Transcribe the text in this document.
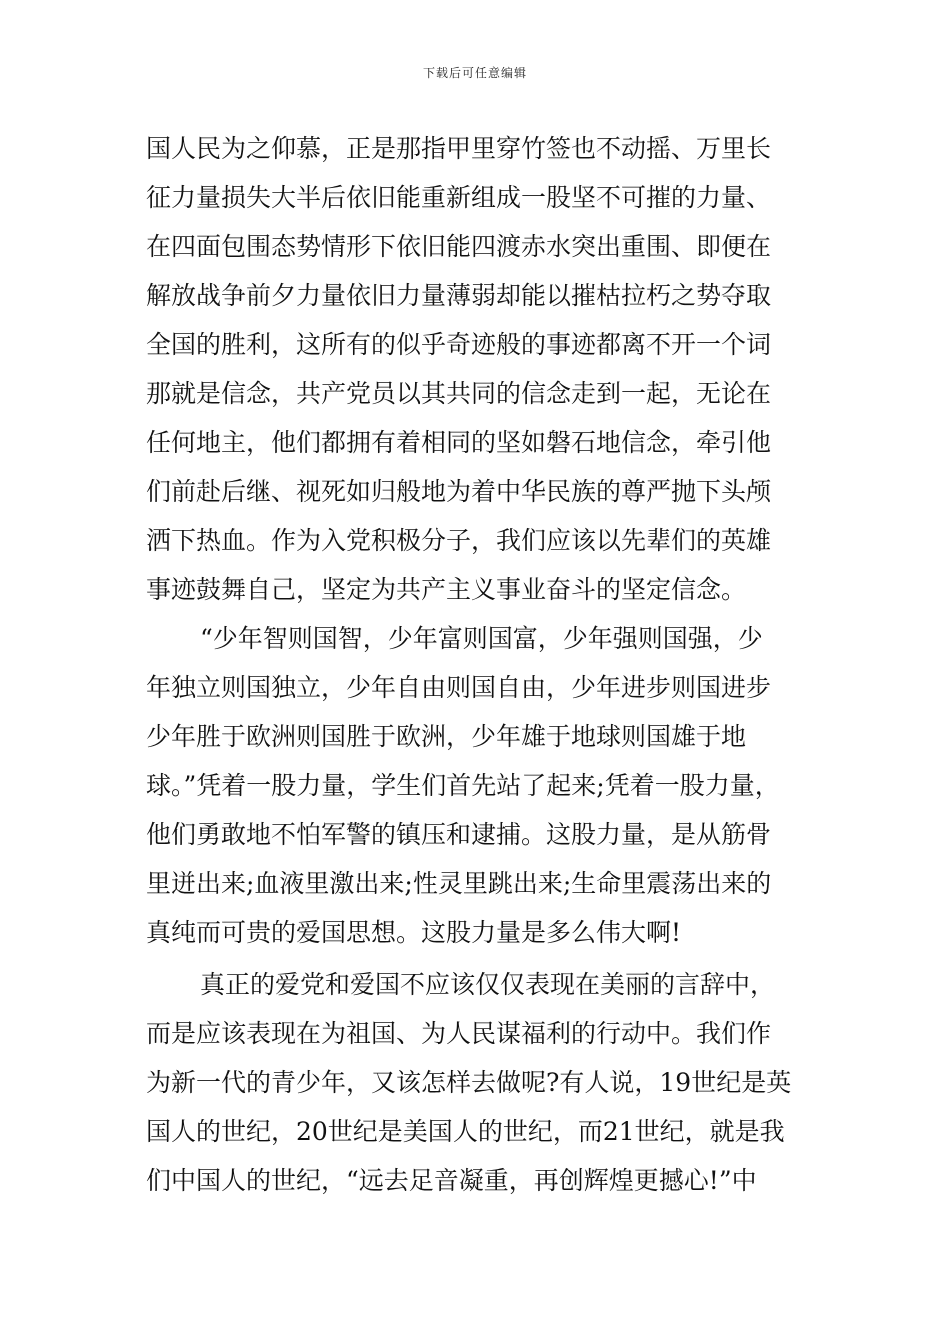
下载后可任意编辑
国人民为之仰慕，正是那指甲里穿竹签也不动摇、万里长
征力量损失大半后依旧能重新组成一股坚不可摧的力量、
在四面包围态势情形下依旧能四渡赤水突出重围、即便在
解放战争前夕力量依旧力量薄弱却能以摧枯拉朽之势夺取
全国的胜利，这所有的似乎奇迹般的事迹都离不开一个词
那就是信念，共产党员以其共同的信念走到一起，无论在
任何地主，他们都拥有着相同的坚如磐石地信念，牵引他
们前赴后继、视死如归般地为着中华民族的尊严抛下头颅
洒下热血。作为入党积极分子，我们应该以先辈们的英雄
事迹鼓舞自己，坚定为共产主义事业奋斗的坚定信念。
“少年智则国智，少年富则国富，少年强则国强，少
年独立则国独立，少年自由则国自由，少年进步则国进步
少年胜于欧洲则国胜于欧洲，少年雄于地球则国雄于地
球。”凭着一股力量，学生们首先站了起来;凭着一股力量，
他们勇敢地不怕军警的镇压和逮捕。这股力量，是从筋骨
里迸出来;血液里激出来;性灵里跳出来;生命里震荡出来的
真纯而可贵的爱国思想。这股力量是多么伟大啊!
真正的爱党和爱国不应该仅仅表现在美丽的言辞中，
而是应该表现在为祖国、为人民谋福利的行动中。我们作
为新一代的青少年，又该怎样去做呢?有人说，19世纪是英
国人的世纪，20世纪是美国人的世纪，而21世纪，就是我
们中国人的世纪，“远去足音凝重，再创辉煌更撼心!”中
